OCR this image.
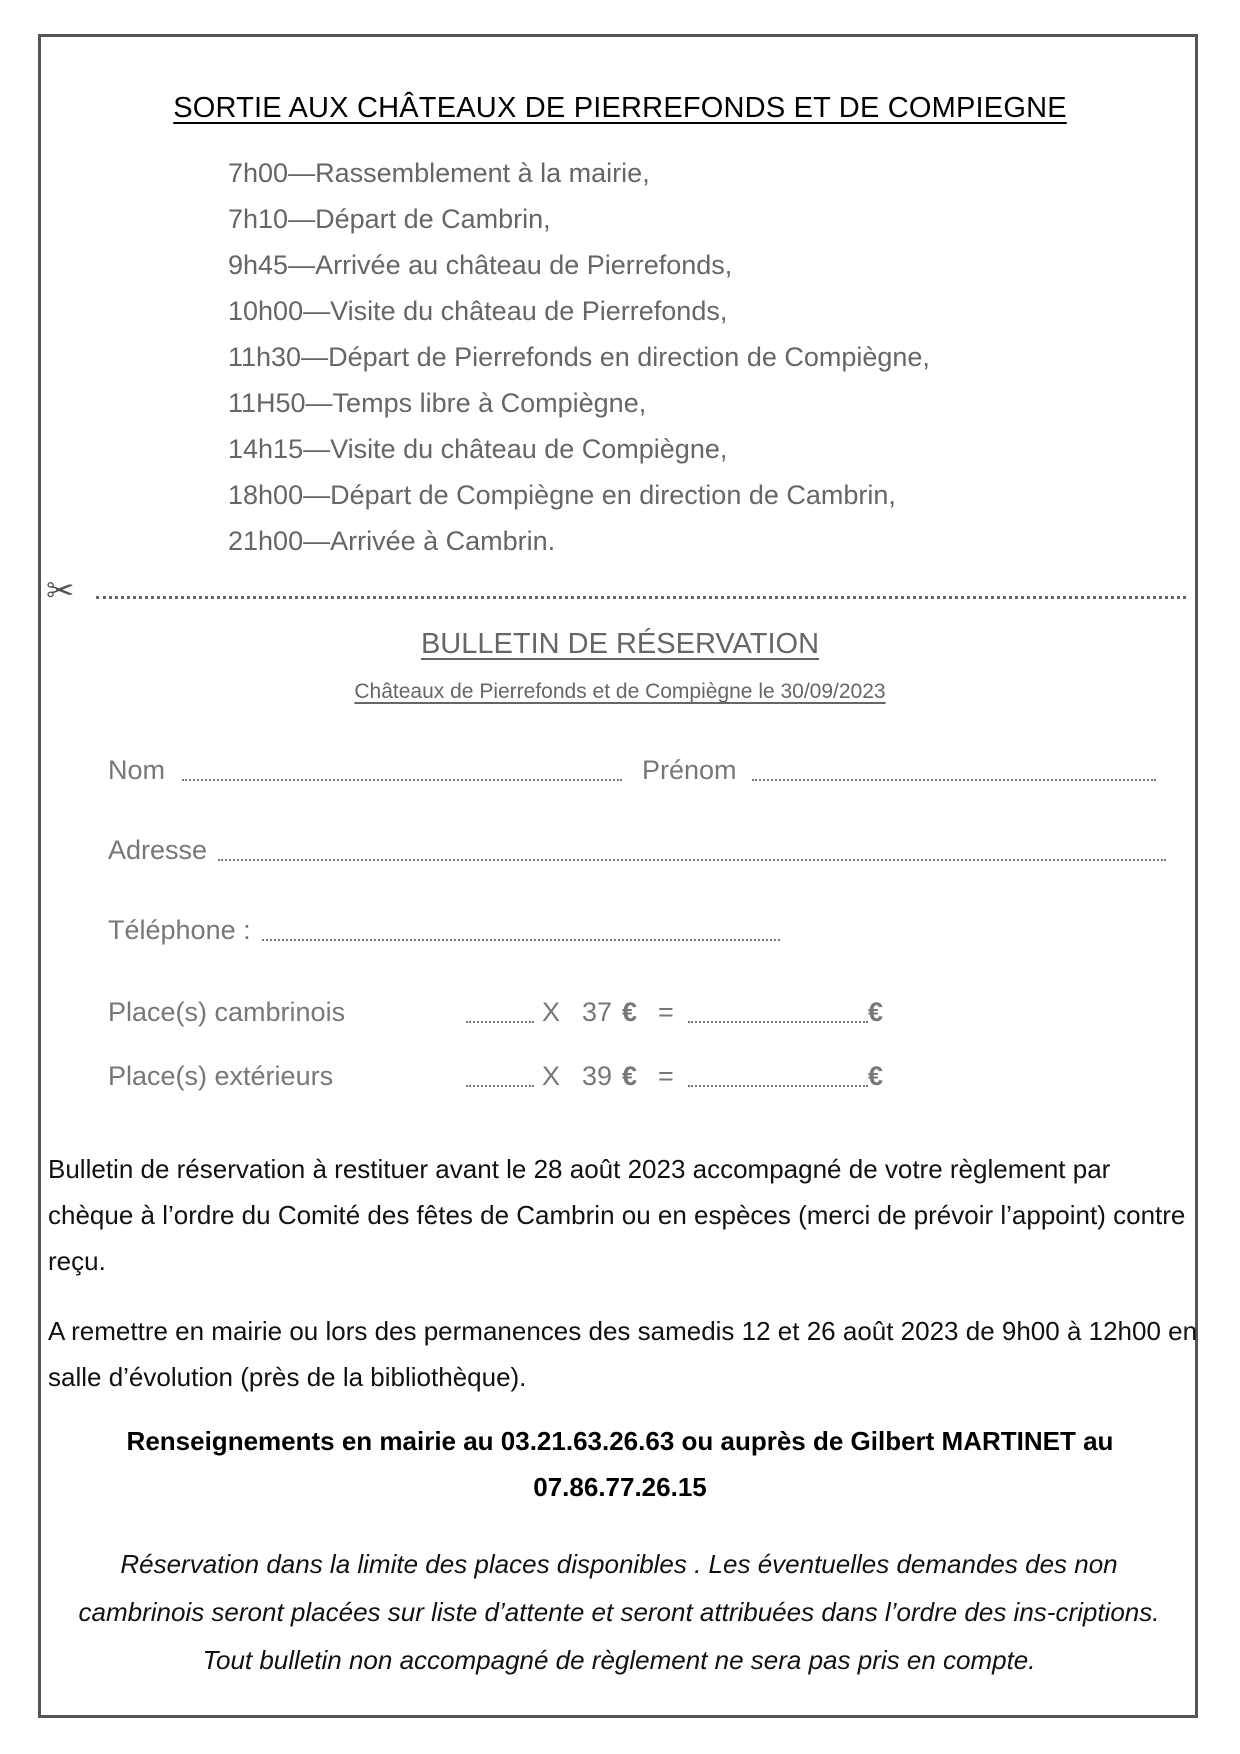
SORTIE AUX CHÂTEAUX DE PIERREFONDS ET DE COMPIEGNE
7h00—Rassemblement à la mairie,
7h10—Départ de Cambrin,
9h45—Arrivée au château de Pierrefonds,
10h00—Visite du château de Pierrefonds,
11h30—Départ de Pierrefonds en direction de Compiègne,
11H50—Temps libre à Compiègne,
14h15—Visite du château de Compiègne,
18h00—Départ de Compiègne en direction de Cambrin,
21h00—Arrivée à Cambrin.
✂
BULLETIN DE RÉSERVATION
Châteaux de Pierrefonds et de Compiègne le 30/09/2023
Nom	Prénom
Adresse
Téléphone :
Place(s) cambrinois	X 37 € =	€
Place(s) extérieurs	X 39 € =	€

Bulletin de réservation à restituer avant le 28 août 2023 accompagné de votre règlement par chèque à l’ordre du Comité des fêtes de Cambrin ou en espèces (merci de prévoir l’appoint) contre reçu.

A remettre en mairie ou lors des permanences des samedis 12 et 26 août 2023 de 9h00 à 12h00 en salle d’évolution (près de la bibliothèque).

Renseignements en mairie au 03.21.63.26.63 ou auprès de Gilbert MARTINET au 07.86.77.26.15

Réservation dans la limite des places disponibles . Les éventuelles demandes des non cambrinois seront placées sur liste d’attente et seront attribuées dans l’ordre des ins-criptions. Tout bulletin non accompagné de règlement ne sera pas pris en compte.
